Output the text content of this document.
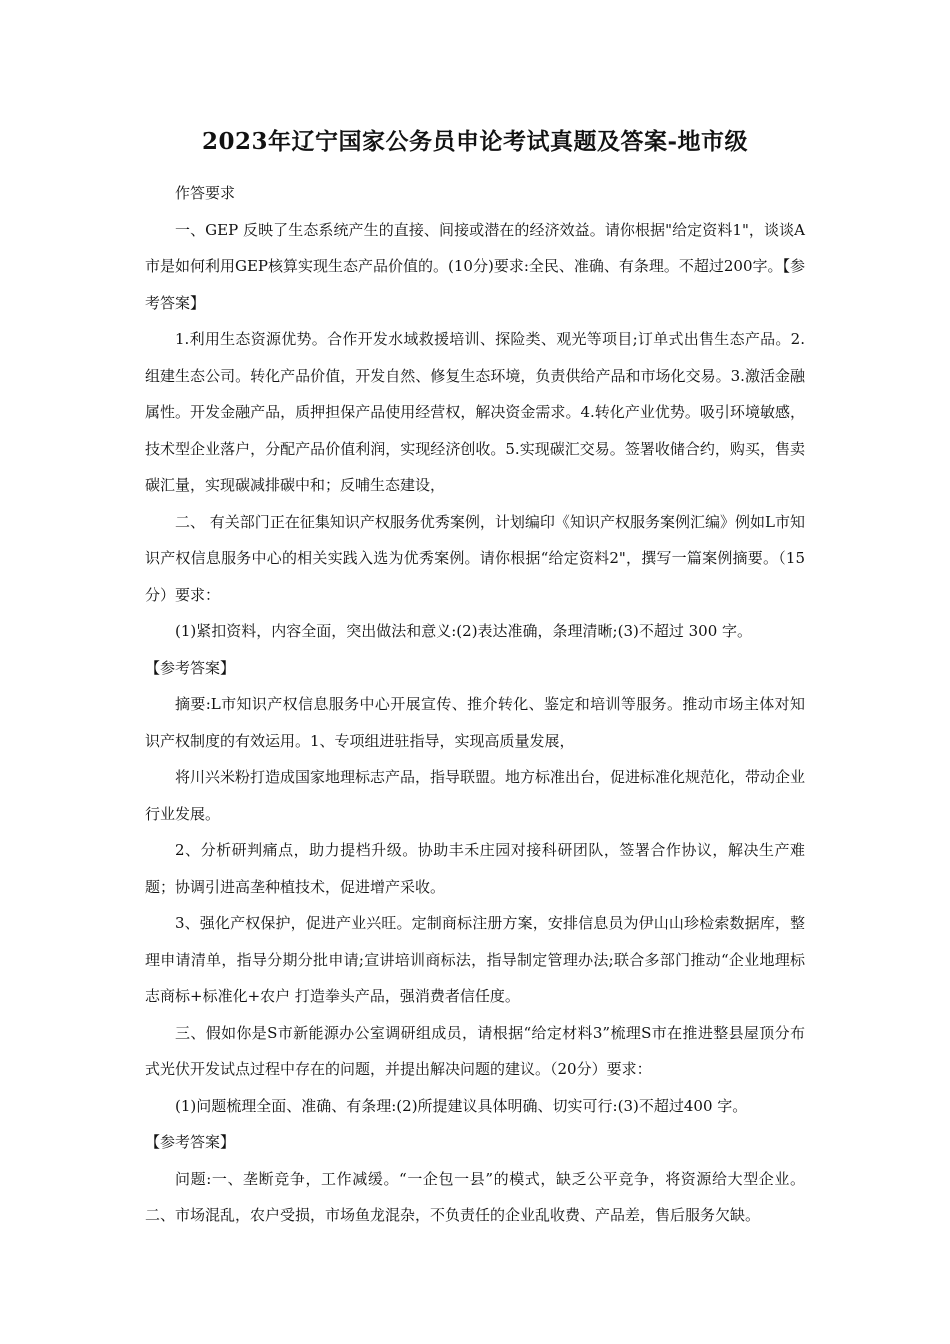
2023年辽宁国家公务员申论考试真题及答案-地市级

作答要求

一、GEP 反映了生态系统产生的直接、间接或潜在的经济效益。请你根据"给定资料1"，谈谈A市是如何利用GEP核算实现生态产品价值的。(10分)要求:全民、准确、有条理。不超过200字。【参考答案】

1.利用生态资源优势。合作开发水域救援培训、探险类、观光等项目;订单式出售生态产品。2.组建生态公司。转化产品价值，开发自然、修复生态环境，负责供给产品和市场化交易。3.激活金融属性。开发金融产品，质押担保产品使用经营权，解决资金需求。4.转化产业优势。吸引环境敏感，技术型企业落户，分配产品价值利润，实现经济创收。5.实现碳汇交易。签署收储合约，购买，售卖碳汇量，实现碳减排碳中和；反哺生态建设，

二、 有关部门正在征集知识产权服务优秀案例，计划编印《知识产权服务案例汇编》例如L市知识产权信息服务中心的相关实践入选为优秀案例。请你根据“给定资料2"，撰写一篇案例摘要。（15分）要求：

(1)紧扣资料，内容全面，突出做法和意义:(2)表达准确，条理清晰;(3)不超过 300 字。

【参考答案】

摘要:L市知识产权信息服务中心开展宣传、推介转化、鉴定和培训等服务。推动市场主体对知识产权制度的有效运用。1、专项组进驻指导，实现高质量发展，

将川兴米粉打造成国家地理标志产品，指导联盟。地方标准出台，促进标准化规范化，带动企业行业发展。

2、分析研判痛点，助力提档升级。协助丰禾庄园对接科研团队，签署合作协议，解决生产难题；协调引进高垄种植技术，促进增产采收。

3、强化产权保护，促进产业兴旺。定制商标注册方案，安排信息员为伊山山珍检索数据库，整理申请清单，指导分期分批申请;宣讲培训商标法，指导制定管理办法;联合多部门推动“企业地理标志商标+标准化+农户 打造拳头产品，强消费者信任度。

三、假如你是S市新能源办公室调研组成员，请根据“给定材料3”梳理S市在推进整县屋顶分布式光伏开发试点过程中存在的问题，并提出解决问题的建议。（20分）要求：

(1)问题梳理全面、准确、有条理:(2)所提建议具体明确、切实可行:(3)不超过400 字。

【参考答案】

问题:一、垄断竞争，工作减缓。“一企包一县”的模式，缺乏公平竞争，将资源给大型企业。二、市场混乱，农户受损，市场鱼龙混杂，不负责任的企业乱收费、产品差，售后服务欠缺。
